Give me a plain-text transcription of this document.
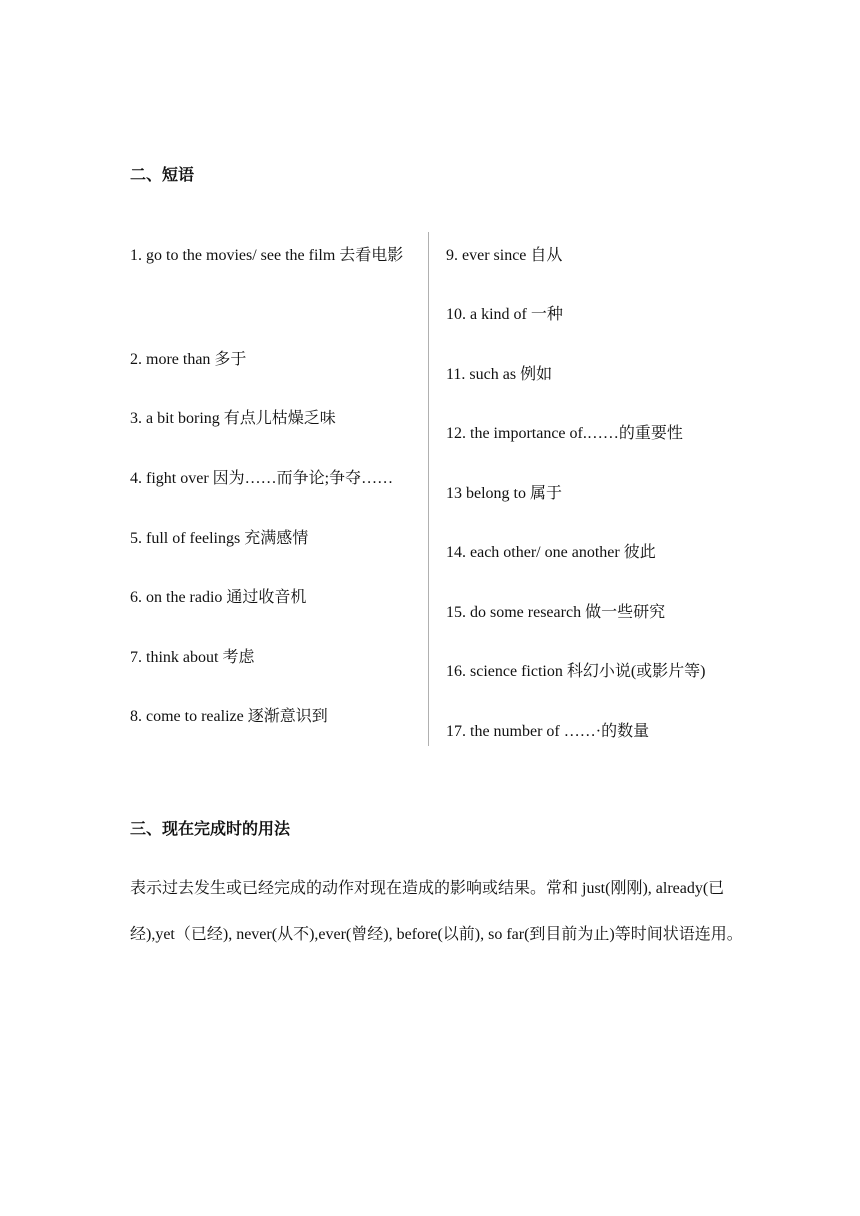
二、短语
1. go to the movies/ see the film 去看电影
2. more than 多于
3. a bit boring 有点儿枯燥乏味
4. fight over 因为……而争论;争夺……
5. full of feelings 充满感情
6. on the radio 通过收音机
7. think about 考虑
8. come to realize 逐渐意识到
9. ever since 自从
10. a kind of 一种
11. such as 例如
12. the importance of.……的重要性
13 belong to 属于
14. each other/ one another 彼此
15. do some research 做一些研究
16. science fiction 科幻小说(或影片等)
17. the number of ……·的数量
三、现在完成时的用法
表示过去发生或已经完成的动作对现在造成的影响或结果。常和 just(刚刚), already(已经),yet（已经), never(从不),ever(曾经), before(以前), so far(到目前为止)等时间状语连用。
